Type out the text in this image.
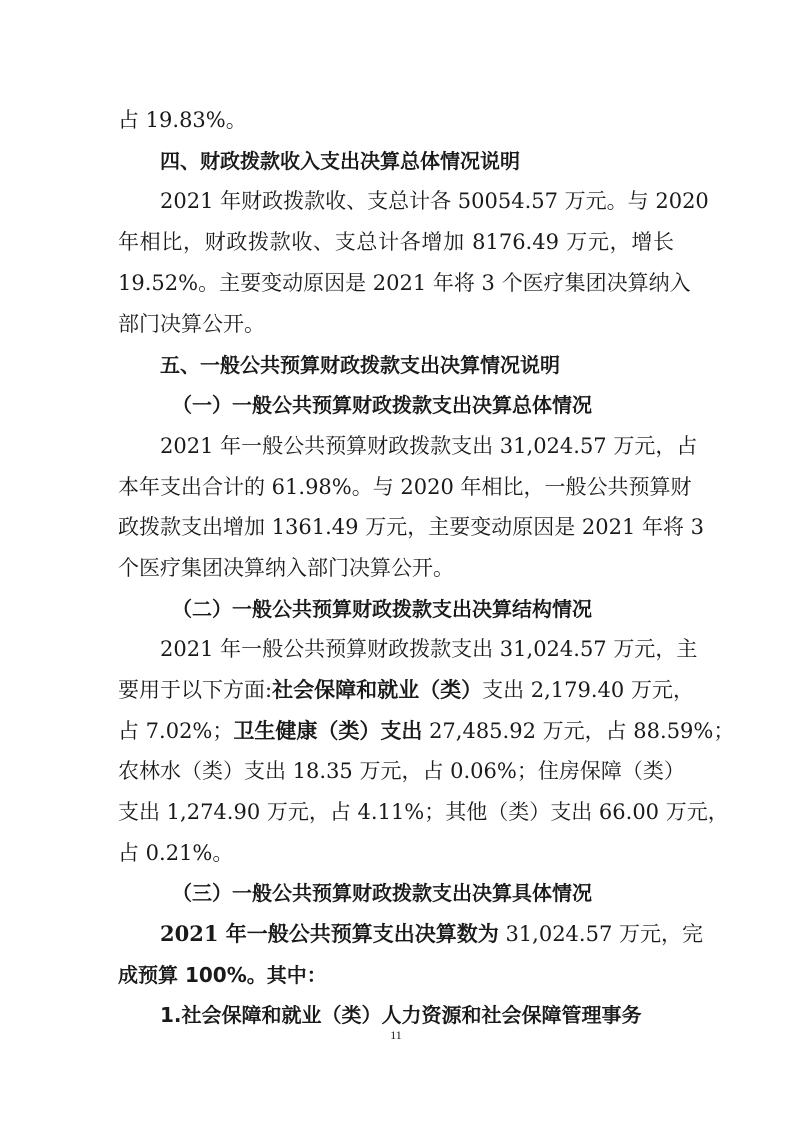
占 19.83%。
四、财政拨款收入支出决算总体情况说明
2021 年财政拨款收、支总计各 50054.57 万元。与 2020
年相比，财政拨款收、支总计各增加 8176.49 万元，增长
19.52%。主要变动原因是 2021 年将 3 个医疗集团决算纳入
部门决算公开。
五、一般公共预算财政拨款支出决算情况说明
（一）一般公共预算财政拨款支出决算总体情况
2021 年一般公共预算财政拨款支出 31,024.57 万元，占
本年支出合计的 61.98%。与 2020 年相比，一般公共预算财
政拨款支出增加 1361.49 万元，主要变动原因是 2021 年将 3
个医疗集团决算纳入部门决算公开。
（二）一般公共预算财政拨款支出决算结构情况
2021 年一般公共预算财政拨款支出 31,024.57 万元，主
要用于以下方面:社会保障和就业（类）支出 2,179.40 万元，
占 7.02%；卫生健康（类）支出 27,485.92 万元，占 88.59%；
农林水（类）支出 18.35 万元，占 0.06%；住房保障（类）
支出 1,274.90 万元，占 4.11%；其他（类）支出 66.00 万元，
占 0.21%。
（三）一般公共预算财政拨款支出决算具体情况
2021 年一般公共预算支出决算数为 31,024.57 万元，完
成预算 100%。其中：
1.社会保障和就业（类）人力资源和社会保障管理事务
11
